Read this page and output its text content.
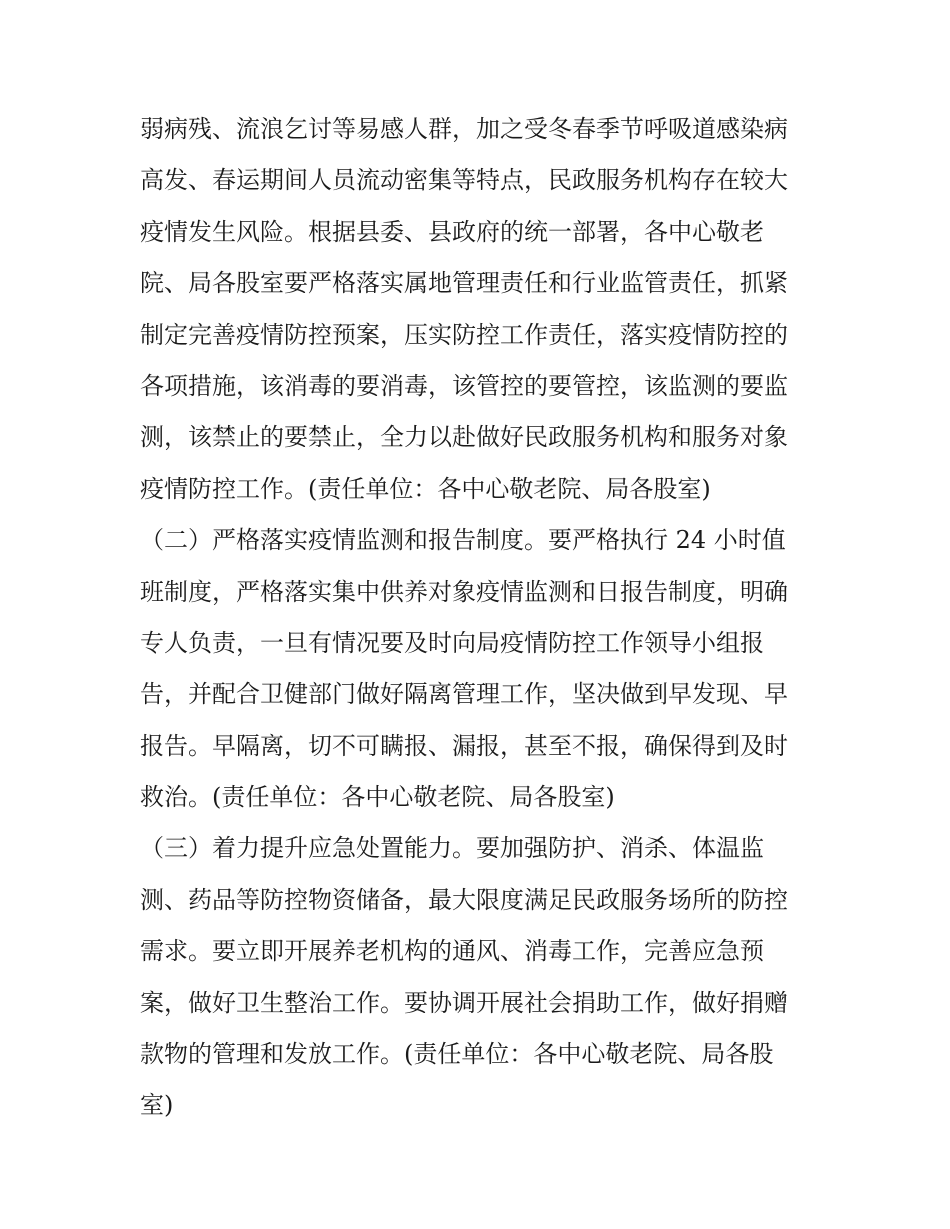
弱病残、流浪乞讨等易感人群，加之受冬春季节呼吸道感染病
高发、春运期间人员流动密集等特点，民政服务机构存在较大
疫情发生风险。根据县委、县政府的统一部署，各中心敬老
院、局各股室要严格落实属地管理责任和行业监管责任，抓紧
制定完善疫情防控预案，压实防控工作责任，落实疫情防控的
各项措施，该消毒的要消毒，该管控的要管控，该监测的要监
测，该禁止的要禁止，全力以赴做好民政服务机构和服务对象
疫情防控工作。(责任单位：各中心敬老院、局各股室)
（二）严格落实疫情监测和报告制度。要严格执行 24 小时值
班制度，严格落实集中供养对象疫情监测和日报告制度，明确
专人负责，一旦有情况要及时向局疫情防控工作领导小组报
告，并配合卫健部门做好隔离管理工作，坚决做到早发现、早
报告。早隔离，切不可瞒报、漏报，甚至不报，确保得到及时
救治。(责任单位：各中心敬老院、局各股室)
（三）着力提升应急处置能力。要加强防护、消杀、体温监
测、药品等防控物资储备，最大限度满足民政服务场所的防控
需求。要立即开展养老机构的通风、消毒工作，完善应急预
案，做好卫生整治工作。要协调开展社会捐助工作，做好捐赠
款物的管理和发放工作。(责任单位：各中心敬老院、局各股
室)
